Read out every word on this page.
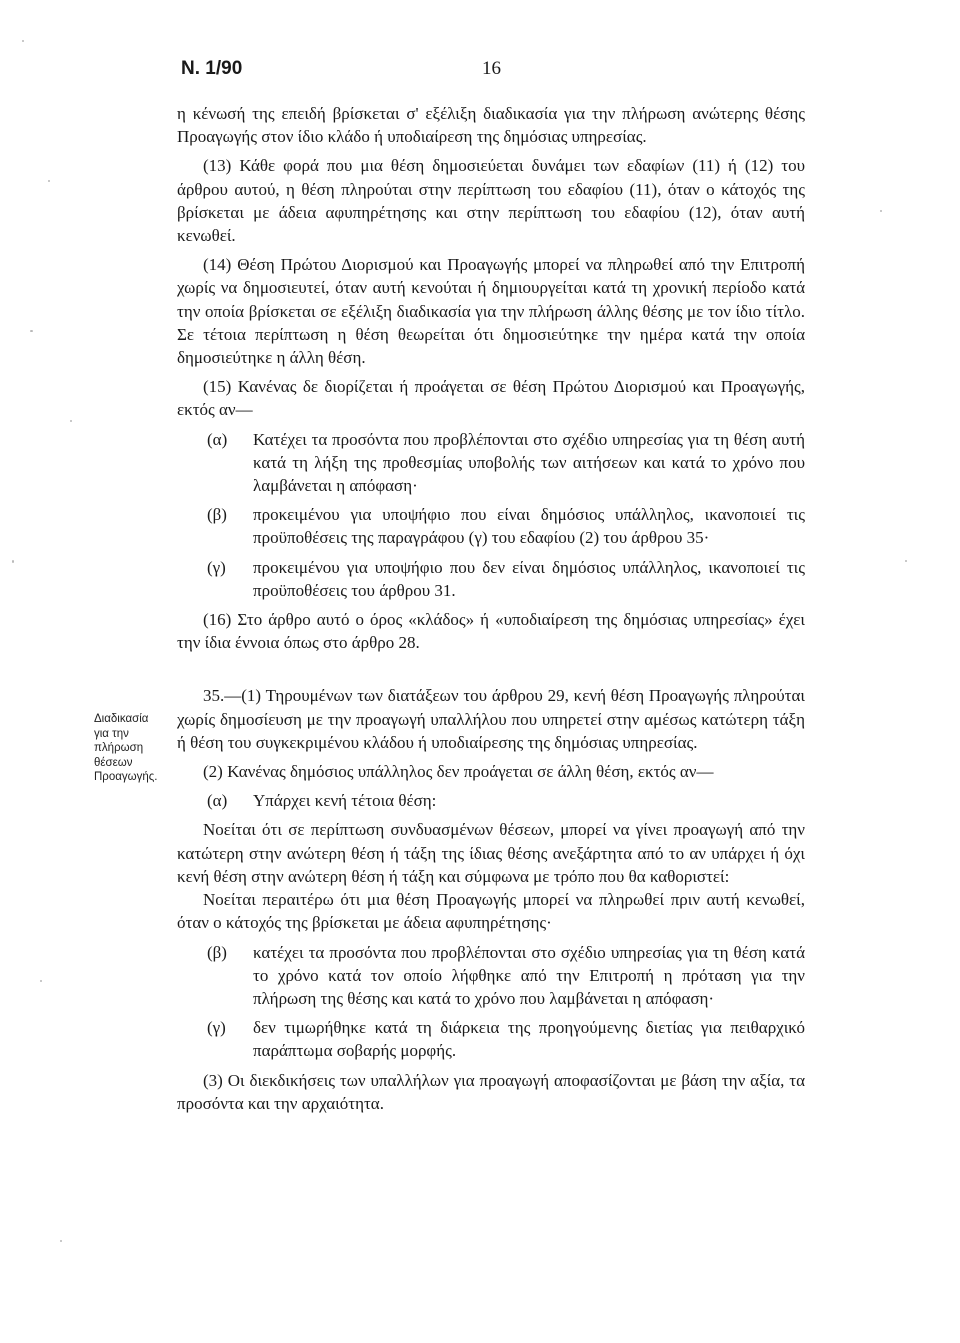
Ν. 1/90	16
Διαδικασία
για την
πλήρωση
θέσεων
Προαγωγής.

η κένωσή της επειδή βρίσκεται σ' εξέλιξη διαδικασία για την πλήρωση ανώτερης θέσης Προαγωγής στον ίδιο κλάδο ή υποδιαίρεση της δημόσιας υπηρεσίας.

(13) Κάθε φορά που μια θέση δημοσιεύεται δυνάμει των εδαφίων (11) ή (12) του άρθρου αυτού, η θέση πληρούται στην περίπτωση του εδαφίου (11), όταν ο κάτοχός της βρίσκεται με άδεια αφυπηρέτησης και στην περίπτωση του εδαφίου (12), όταν αυτή κενωθεί.

(14) Θέση Πρώτου Διορισμού και Προαγωγής μπορεί να πληρωθεί από την Επιτροπή χωρίς να δημοσιευτεί, όταν αυτή κενούται ή δημιουργείται κατά τη χρονική περίοδο κατά την οποία βρίσκεται σε εξέλιξη διαδικασία για την πλήρωση άλλης θέσης με τον ίδιο τίτλο. Σε τέτοια περίπτωση η θέση θεωρείται ότι δημοσιεύτηκε την ημέρα κατά την οποία δημοσιεύτηκε η άλλη θέση.

(15) Κανένας δε διορίζεται ή προάγεται σε θέση Πρώτου Διορισμού και Προαγωγής, εκτός αν—

(α)	Κατέχει τα προσόντα που προβλέπονται στο σχέδιο υπηρεσίας για τη θέση αυτή κατά τη λήξη της προθεσμίας υποβολής των αιτήσεων και κατά το χρόνο που λαμβάνεται η απόφαση·
(β)	προκειμένου για υποψήφιο που είναι δημόσιος υπάλληλος, ικανοποιεί τις προϋποθέσεις της παραγράφου (γ) του εδαφίου (2) του άρθρου 35·
(γ)	προκειμένου για υποψήφιο που δεν είναι δημόσιος υπάλληλος, ικανοποιεί τις προϋποθέσεις του άρθρου 31.

(16) Στο άρθρο αυτό ο όρος «κλάδος» ή «υποδιαίρεση της δημόσιας υπηρεσίας» έχει την ίδια έννοια όπως στο άρθρο 28.

35.—(1) Τηρουμένων των διατάξεων του άρθρου 29, κενή θέση Προαγωγής πληρούται χωρίς δημοσίευση με την προαγωγή υπαλλήλου που υπηρετεί στην αμέσως κατώτερη τάξη ή θέση του συγκεκριμένου κλάδου ή υποδιαίρεσης της δημόσιας υπηρεσίας.

(2) Κανένας δημόσιος υπάλληλος δεν προάγεται σε άλλη θέση, εκτός αν—

(α)	Υπάρχει κενή τέτοια θέση:

Νοείται ότι σε περίπτωση συνδυασμένων θέσεων, μπορεί να γίνει προαγωγή από την κατώτερη στην ανώτερη θέση ή τάξη της ίδιας θέσης ανεξάρτητα από το αν υπάρχει ή όχι κενή θέση στην ανώτερη θέση ή τάξη και σύμφωνα με τρόπο που θα καθοριστεί:

Νοείται περαιτέρω ότι μια θέση Προαγωγής μπορεί να πληρωθεί πριν αυτή κενωθεί, όταν ο κάτοχός της βρίσκεται με άδεια αφυπηρέτησης·

(β)	κατέχει τα προσόντα που προβλέπονται στο σχέδιο υπηρεσίας για τη θέση κατά το χρόνο κατά τον οποίο λήφθηκε από την Επιτροπή η πρόταση για την πλήρωση της θέσης και κατά το χρόνο που λαμβάνεται η απόφαση·
(γ)	δεν τιμωρήθηκε κατά τη διάρκεια της προηγούμενης διετίας για πειθαρχικό παράπτωμα σοβαρής μορφής.

(3) Οι διεκδικήσεις των υπαλλήλων για προαγωγή αποφασίζονται με βάση την αξία, τα προσόντα και την αρχαιότητα.
